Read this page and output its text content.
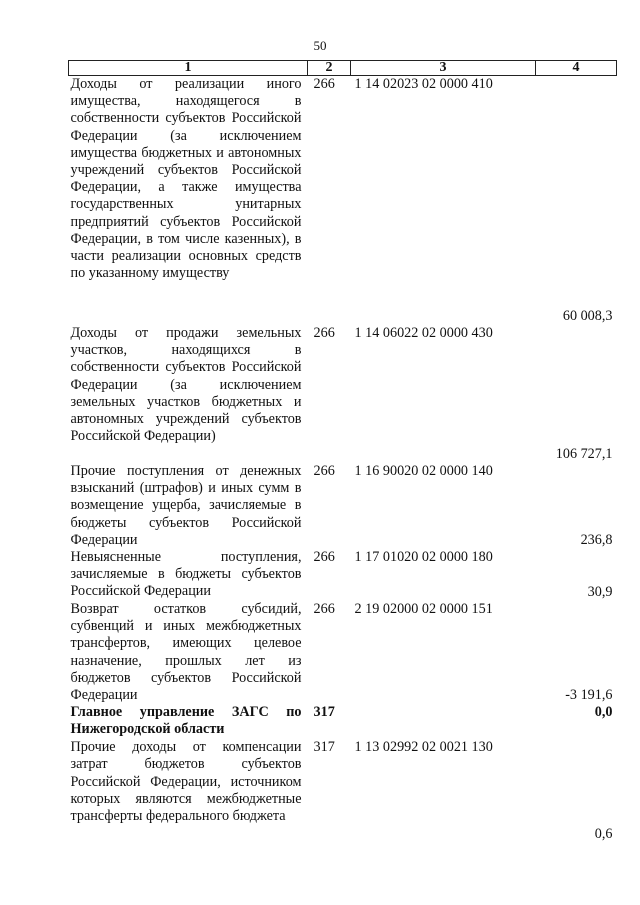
50
1	2	3	4
Доходы от реализации иного имущества, находящегося в собственности субъектов Российской Федерации (за исключением имущества бюджетных и автономных учреждений субъектов Российской Федерации, а также имущества государственных унитарных предприятий субъектов Российской Федерации, в том числе казенных), в части реализации основных средств по указанному имуществу	266	1 14 02023 02 0000 410	60 008,3
Доходы от продажи земельных участков, находящихся в собственности субъектов Российской Федерации (за исключением земельных участков бюджетных и автономных учреждений субъектов Российской Федерации)	266	1 14 06022 02 0000 430	106 727,1
Прочие поступления от денежных взысканий (штрафов) и иных сумм в возмещение ущерба, зачисляемые в бюджеты субъектов Российской Федерации	266	1 16 90020 02 0000 140	236,8
Невыясненные поступления, зачисляемые в бюджеты субъектов Российской Федерации	266	1 17 01020 02 0000 180	30,9
Возврат остатков субсидий, субвенций и иных межбюджетных трансфертов, имеющих целевое назначение, прошлых лет из бюджетов субъектов Российской Федерации	266	2 19 02000 02 0000 151	-3 191,6
Главное управление ЗАГС по Нижегородской области	317		0,0
Прочие доходы от компенсации затрат бюджетов субъектов Российской Федерации, источником которых являются межбюджетные трансферты федерального бюджета	317	1 13 02992 02 0021 130	0,6
